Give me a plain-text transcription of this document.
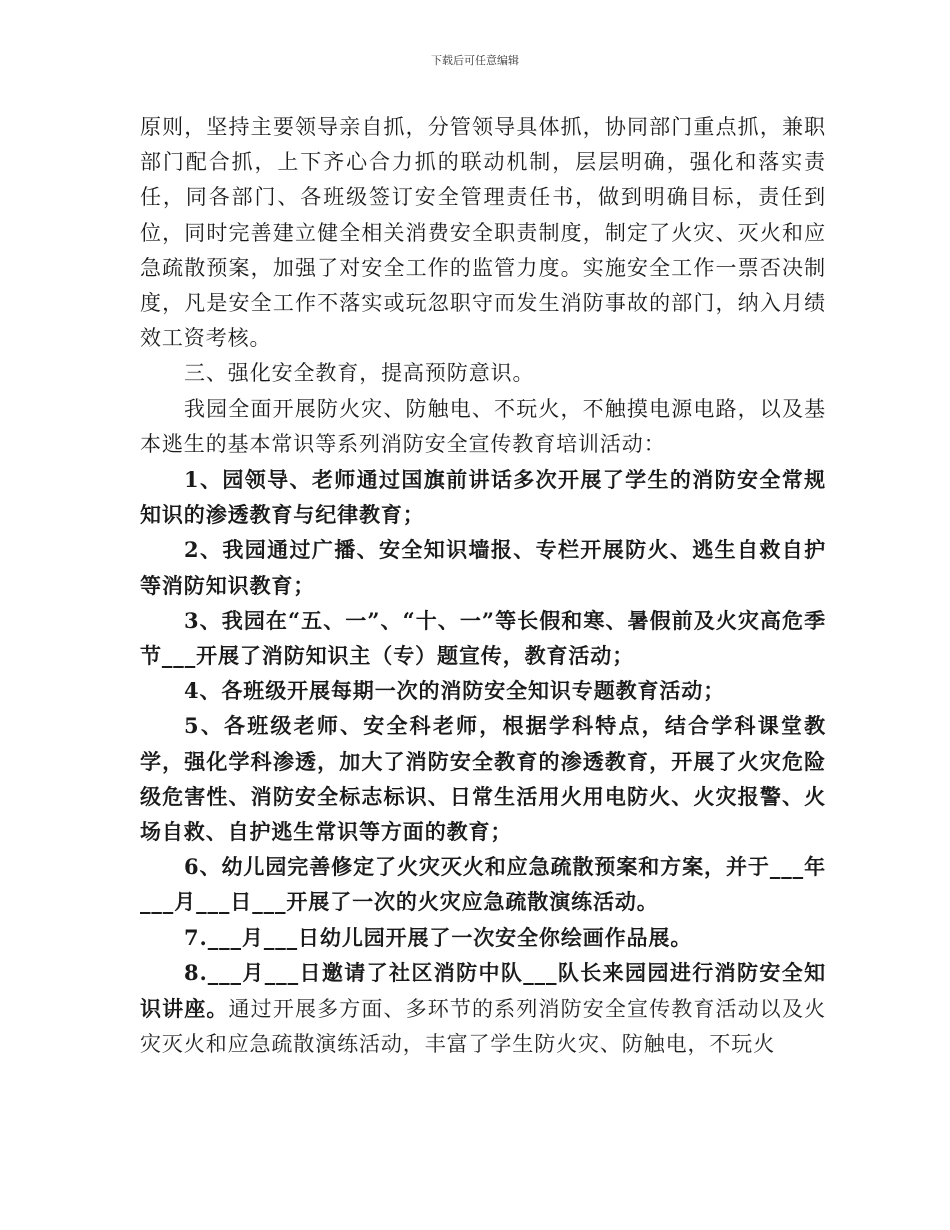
下载后可任意编辑

原则，坚持主要领导亲自抓，分管领导具体抓，协同部门重点抓，兼职部门配合抓，上下齐心合力抓的联动机制，层层明确，强化和落实责任，同各部门、各班级签订安全管理责任书，做到明确目标，责任到位，同时完善建立健全相关消费安全职责制度，制定了火灾、灭火和应急疏散预案，加强了对安全工作的监管力度。实施安全工作一票否决制度，凡是安全工作不落实或玩忽职守而发生消防事故的部门，纳入月绩效工资考核。

三、强化安全教育，提高预防意识。

我园全面开展防火灾、防触电、不玩火，不触摸电源电路，以及基本逃生的基本常识等系列消防安全宣传教育培训活动：

1、园领导、老师通过国旗前讲话多次开展了学生的消防安全常规知识的渗透教育与纪律教育；

2、我园通过广播、安全知识墙报、专栏开展防火、逃生自救自护等消防知识教育；

3、我园在“五、一”、“十、一”等长假和寒、暑假前及火灾高危季节___开展了消防知识主（专）题宣传，教育活动；

4、各班级开展每期一次的消防安全知识专题教育活动；

5、各班级老师、安全科老师，根据学科特点，结合学科课堂教学，强化学科渗透，加大了消防安全教育的渗透教育，开展了火灾危险级危害性、消防安全标志标识、日常生活用火用电防火、火灾报警、火场自救、自护逃生常识等方面的教育；

6、幼儿园完善修定了火灾灭火和应急疏散预案和方案，并于___年___月___日___开展了一次的火灾应急疏散演练活动。

7.___月___日幼儿园开展了一次安全你绘画作品展。

8.___月___日邀请了社区消防中队___队长来园园进行消防安全知识讲座。通过开展多方面、多环节的系列消防安全宣传教育活动以及火灾灭火和应急疏散演练活动，丰富了学生防火灾、防触电，不玩火
